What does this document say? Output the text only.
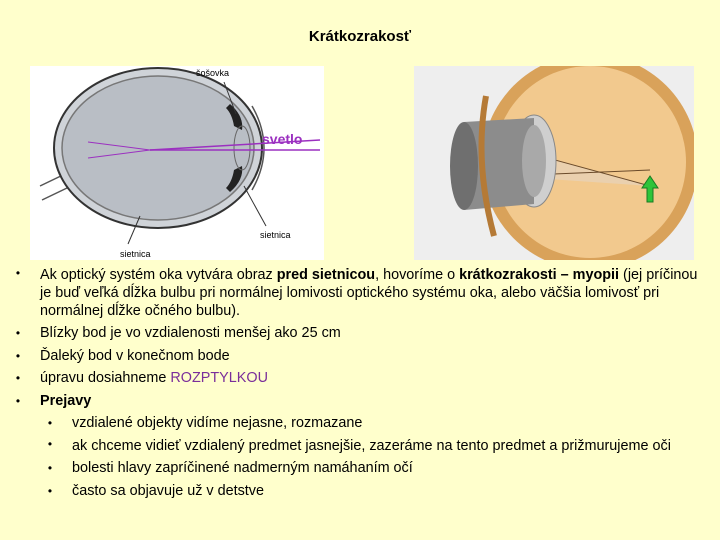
Krátkozrakosť
šošovka
svetlo
sietnica
sietnica
• Ak optický systém oka vytvára obraz pred sietnicou, hovoríme o krátkozrakosti – myopii (jej príčinou je buď veľká dĺžka bulbu pri normálnej lomivosti optického systému oka, alebo väčšia lomivosť pri normálnej dĺžke očného bulbu).
• Blízky bod je vo vzdialenosti menšej ako 25 cm
• Ďaleký bod v konečnom bode
• úpravu dosiahneme ROZPTYLKOU
• Prejavy
• vzdialené objekty vidíme nejasne, rozmazane
• ak chceme vidieť vzdialený predmet jasnejšie, zazeráme na tento predmet a prižmurujeme oči
• bolesti hlavy zapríčinené nadmerným namáhaním očí
• často sa objavuje už v detstve
